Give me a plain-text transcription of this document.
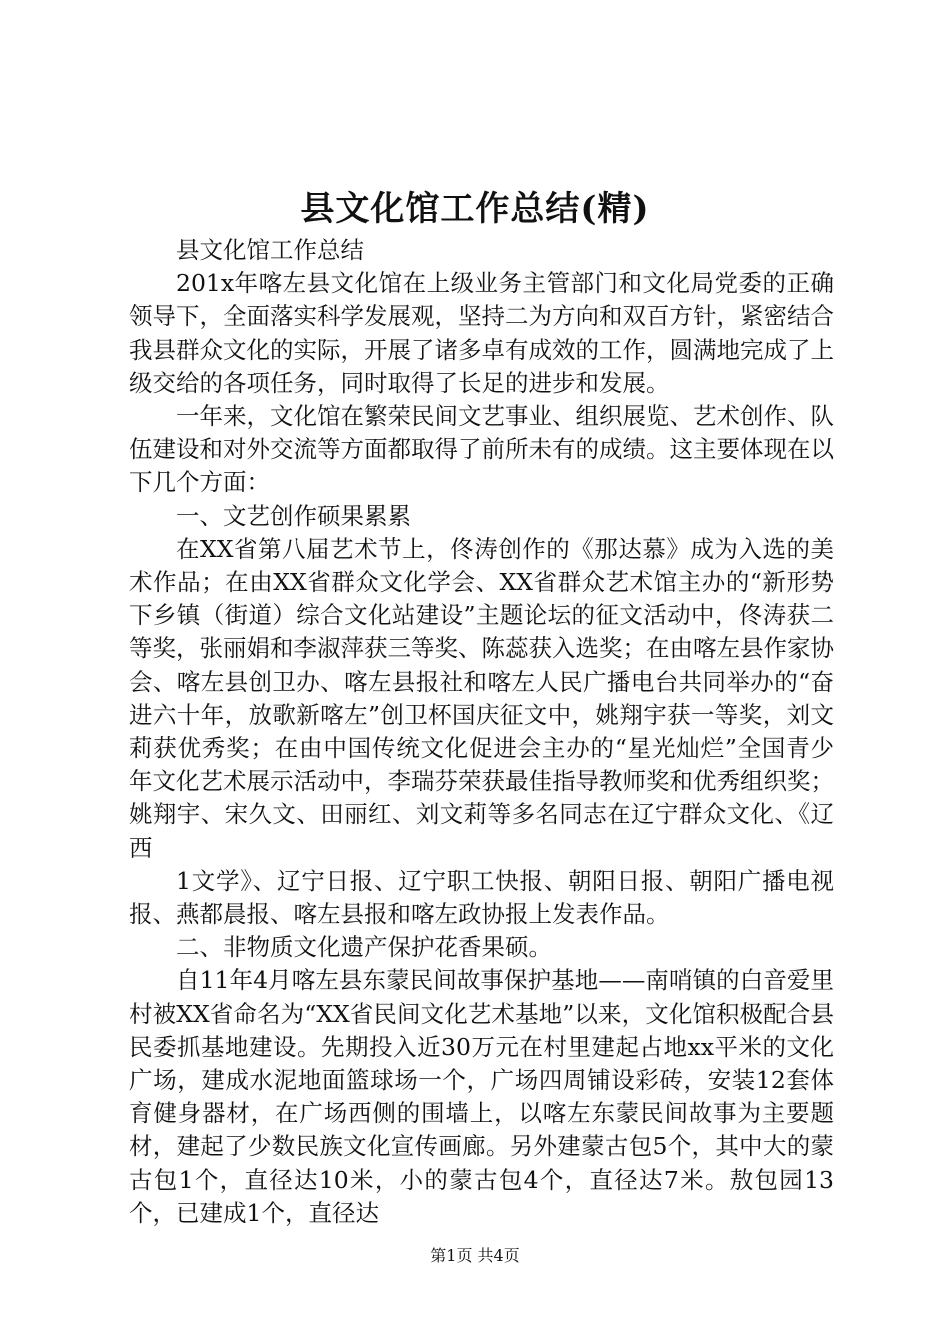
县文化馆工作总结(精)

县文化馆工作总结

201x年喀左县文化馆在上级业务主管部门和文化局党委的正确领导下，全面落实科学发展观，坚持二为方向和双百方针，紧密结合我县群众文化的实际，开展了诸多卓有成效的工作，圆满地完成了上级交给的各项任务，同时取得了长足的进步和发展。

一年来，文化馆在繁荣民间文艺事业、组织展览、艺术创作、队伍建设和对外交流等方面都取得了前所未有的成绩。这主要体现在以下几个方面：

一、文艺创作硕果累累

在XX省第八届艺术节上，佟涛创作的《那达慕》成为入选的美术作品；在由XX省群众文化学会、XX省群众艺术馆主办的“新形势下乡镇（街道）综合文化站建设”主题论坛的征文活动中，佟涛获二等奖，张丽娟和李淑萍获三等奖、陈蕊获入选奖；在由喀左县作家协会、喀左县创卫办、喀左县报社和喀左人民广播电台共同举办的“奋进六十年，放歌新喀左”创卫杯国庆征文中，姚翔宇获一等奖，刘文莉获优秀奖；在由中国传统文化促进会主办的“星光灿烂”全国青少年文化艺术展示活动中，李瑞芬荣获最佳指导教师奖和优秀组织奖；姚翔宇、宋久文、田丽红、刘文莉等多名同志在辽宁群众文化、《辽西

1文学》、辽宁日报、辽宁职工快报、朝阳日报、朝阳广播电视报、燕都晨报、喀左县报和喀左政协报上发表作品。

二、非物质文化遗产保护花香果硕。

自11年4月喀左县东蒙民间故事保护基地——南哨镇的白音爱里村被XX省命名为“XX省民间文化艺术基地”以来，文化馆积极配合县民委抓基地建设。先期投入近30万元在村里建起占地xx平米的文化广场，建成水泥地面篮球场一个，广场四周铺设彩砖，安装12套体育健身器材，在广场西侧的围墙上，以喀左东蒙民间故事为主要题材，建起了少数民族文化宣传画廊。另外建蒙古包5个，其中大的蒙古包1个，直径达10米，小的蒙古包4个，直径达7米。敖包园13个，已建成1个，直径达

第1页 共4页
